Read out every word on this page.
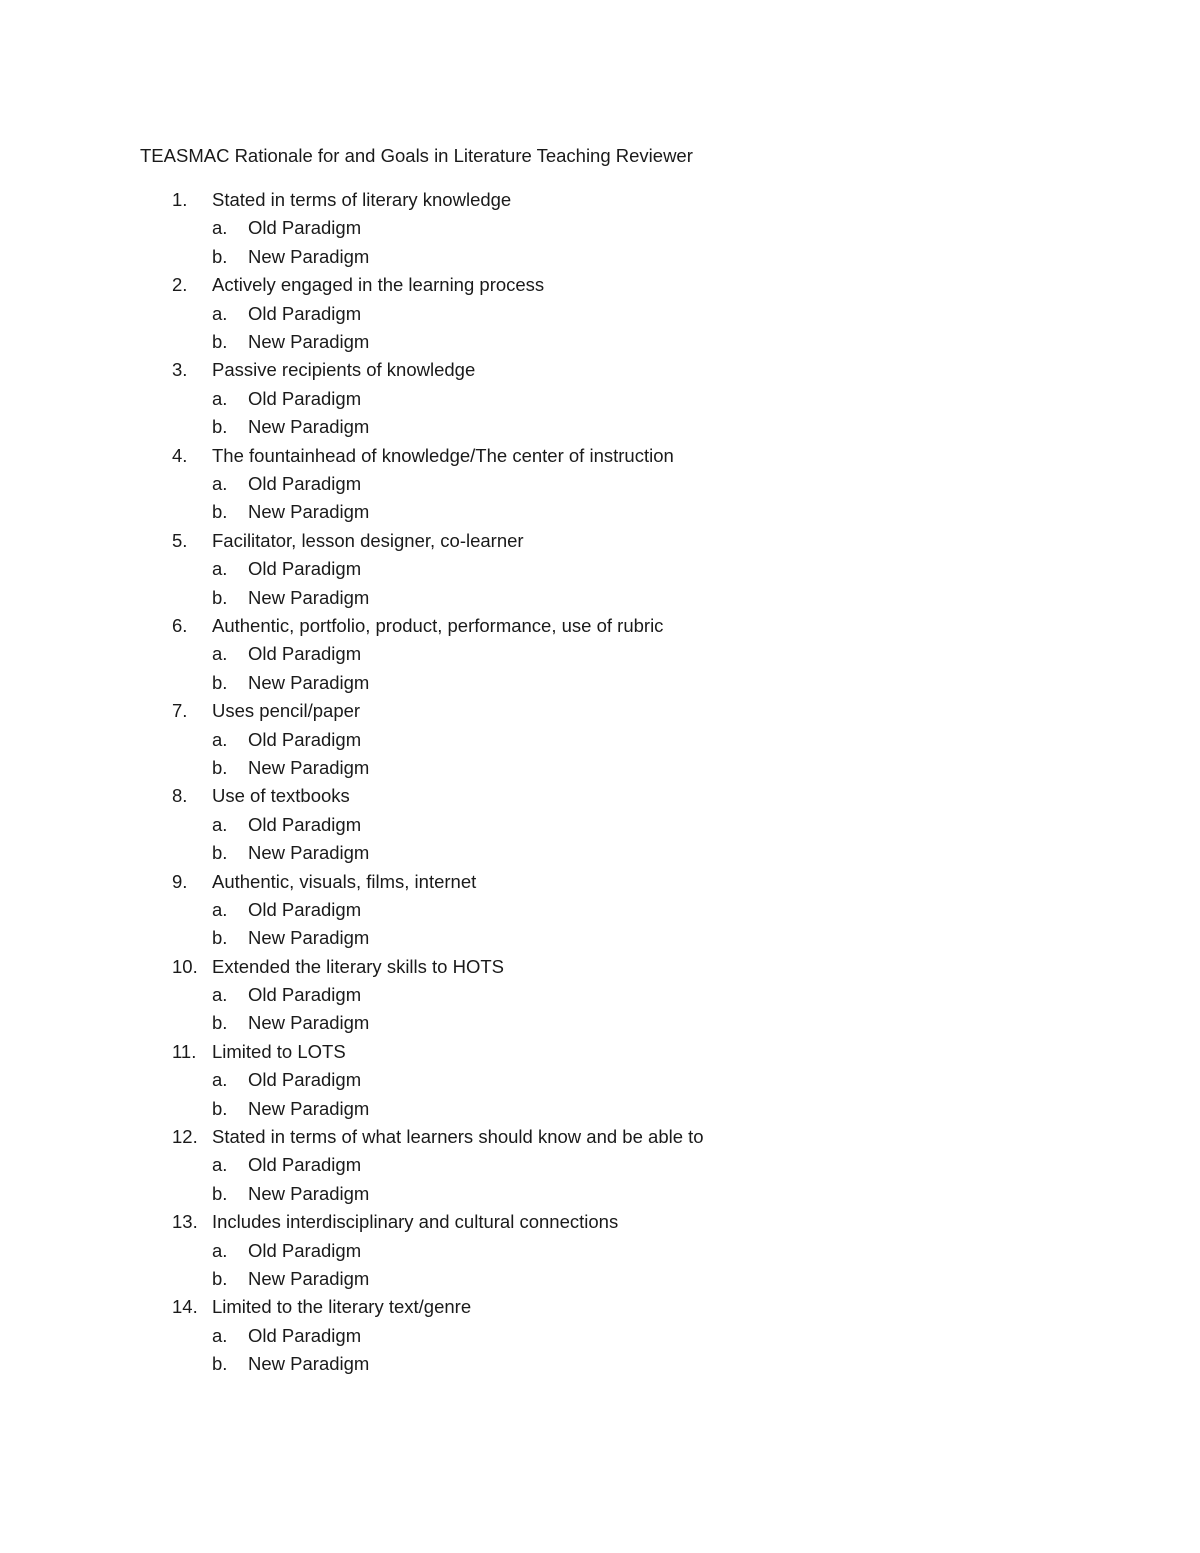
TEASMAC Rationale for and Goals in Literature Teaching Reviewer
1.	Stated in terms of literary knowledge
a. Old Paradigm
b. New Paradigm
2.	Actively engaged in the learning process
a. Old Paradigm
b. New Paradigm
3.	Passive recipients of knowledge
a. Old Paradigm
b. New Paradigm
4.	The fountainhead of knowledge/The center of instruction
a. Old Paradigm
b. New Paradigm
5.	Facilitator, lesson designer, co-learner
a. Old Paradigm
b. New Paradigm
6.	Authentic, portfolio, product, performance, use of rubric
a. Old Paradigm
b. New Paradigm
7.	Uses pencil/paper
a. Old Paradigm
b. New Paradigm
8.	Use of textbooks
a. Old Paradigm
b. New Paradigm
9.	Authentic, visuals, films, internet
a. Old Paradigm
b. New Paradigm
10. Extended the literary skills to HOTS
a. Old Paradigm
b. New Paradigm
11. Limited to LOTS
a. Old Paradigm
b. New Paradigm
12. Stated in terms of what learners should know and be able to
a. Old Paradigm
b. New Paradigm
13. Includes interdisciplinary and cultural connections
a. Old Paradigm
b. New Paradigm
14. Limited to the literary text/genre
a. Old Paradigm
b. New Paradigm
